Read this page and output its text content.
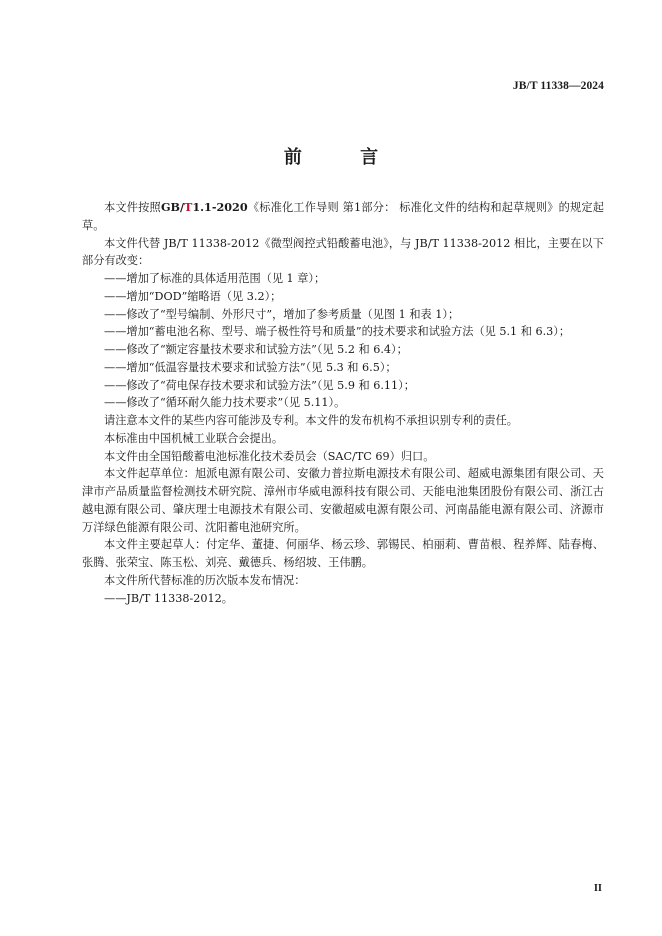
JB/T 11338—2024
前 言

本文件按照GB/T1.1-2020《标准化工作导则 第1部分： 标准化文件的结构和起草规则》的规定起草。

本文件代替 JB/T 11338-2012《微型阀控式铅酸蓄电池》，与 JB/T 11338-2012 相比，主要在以下部分有改变：

——增加了标准的具体适用范围（见 1 章）；

——增加“DOD”缩略语（见 3.2）；

——修改了“型号编制、外形尺寸”，增加了参考质量（见图 1 和表 1）；

——增加“蓄电池名称、型号、端子极性符号和质量”的技术要求和试验方法（见 5.1 和 6.3）；

——修改了“额定容量技术要求和试验方法”（见 5.2 和 6.4）；

——增加“低温容量技术要求和试验方法”（见 5.3 和 6.5）；

——修改了“荷电保存技术要求和试验方法”（见 5.9 和 6.11）；

——修改了“循环耐久能力技术要求”（见 5.11）。

请注意本文件的某些内容可能涉及专利。本文件的发布机构不承担识别专利的责任。

本标准由中国机械工业联合会提出。

本文件由全国铅酸蓄电池标准化技术委员会（SAC/TC 69）归口。

本文件起草单位：旭派电源有限公司、安徽力普拉斯电源技术有限公司、超威电源集团有限公司、天津市产品质量监督检测技术研究院、漳州市华威电源科技有限公司、天能电池集团股份有限公司、浙江古越电源有限公司、肇庆理士电源技术有限公司、安徽超威电源有限公司、河南晶能电源有限公司、济源市万洋绿色能源有限公司、沈阳蓄电池研究所。

本文件主要起草人：付定华、董捷、何丽华、杨云珍、郭锡民、柏丽莉、曹苗根、程养辉、陆春梅、张腾、张荣宝、陈玉松、刘亮、戴德兵、杨绍坡、王伟鹏。

本文件所代替标准的历次版本发布情况：

——JB/T 11338-2012。

II
